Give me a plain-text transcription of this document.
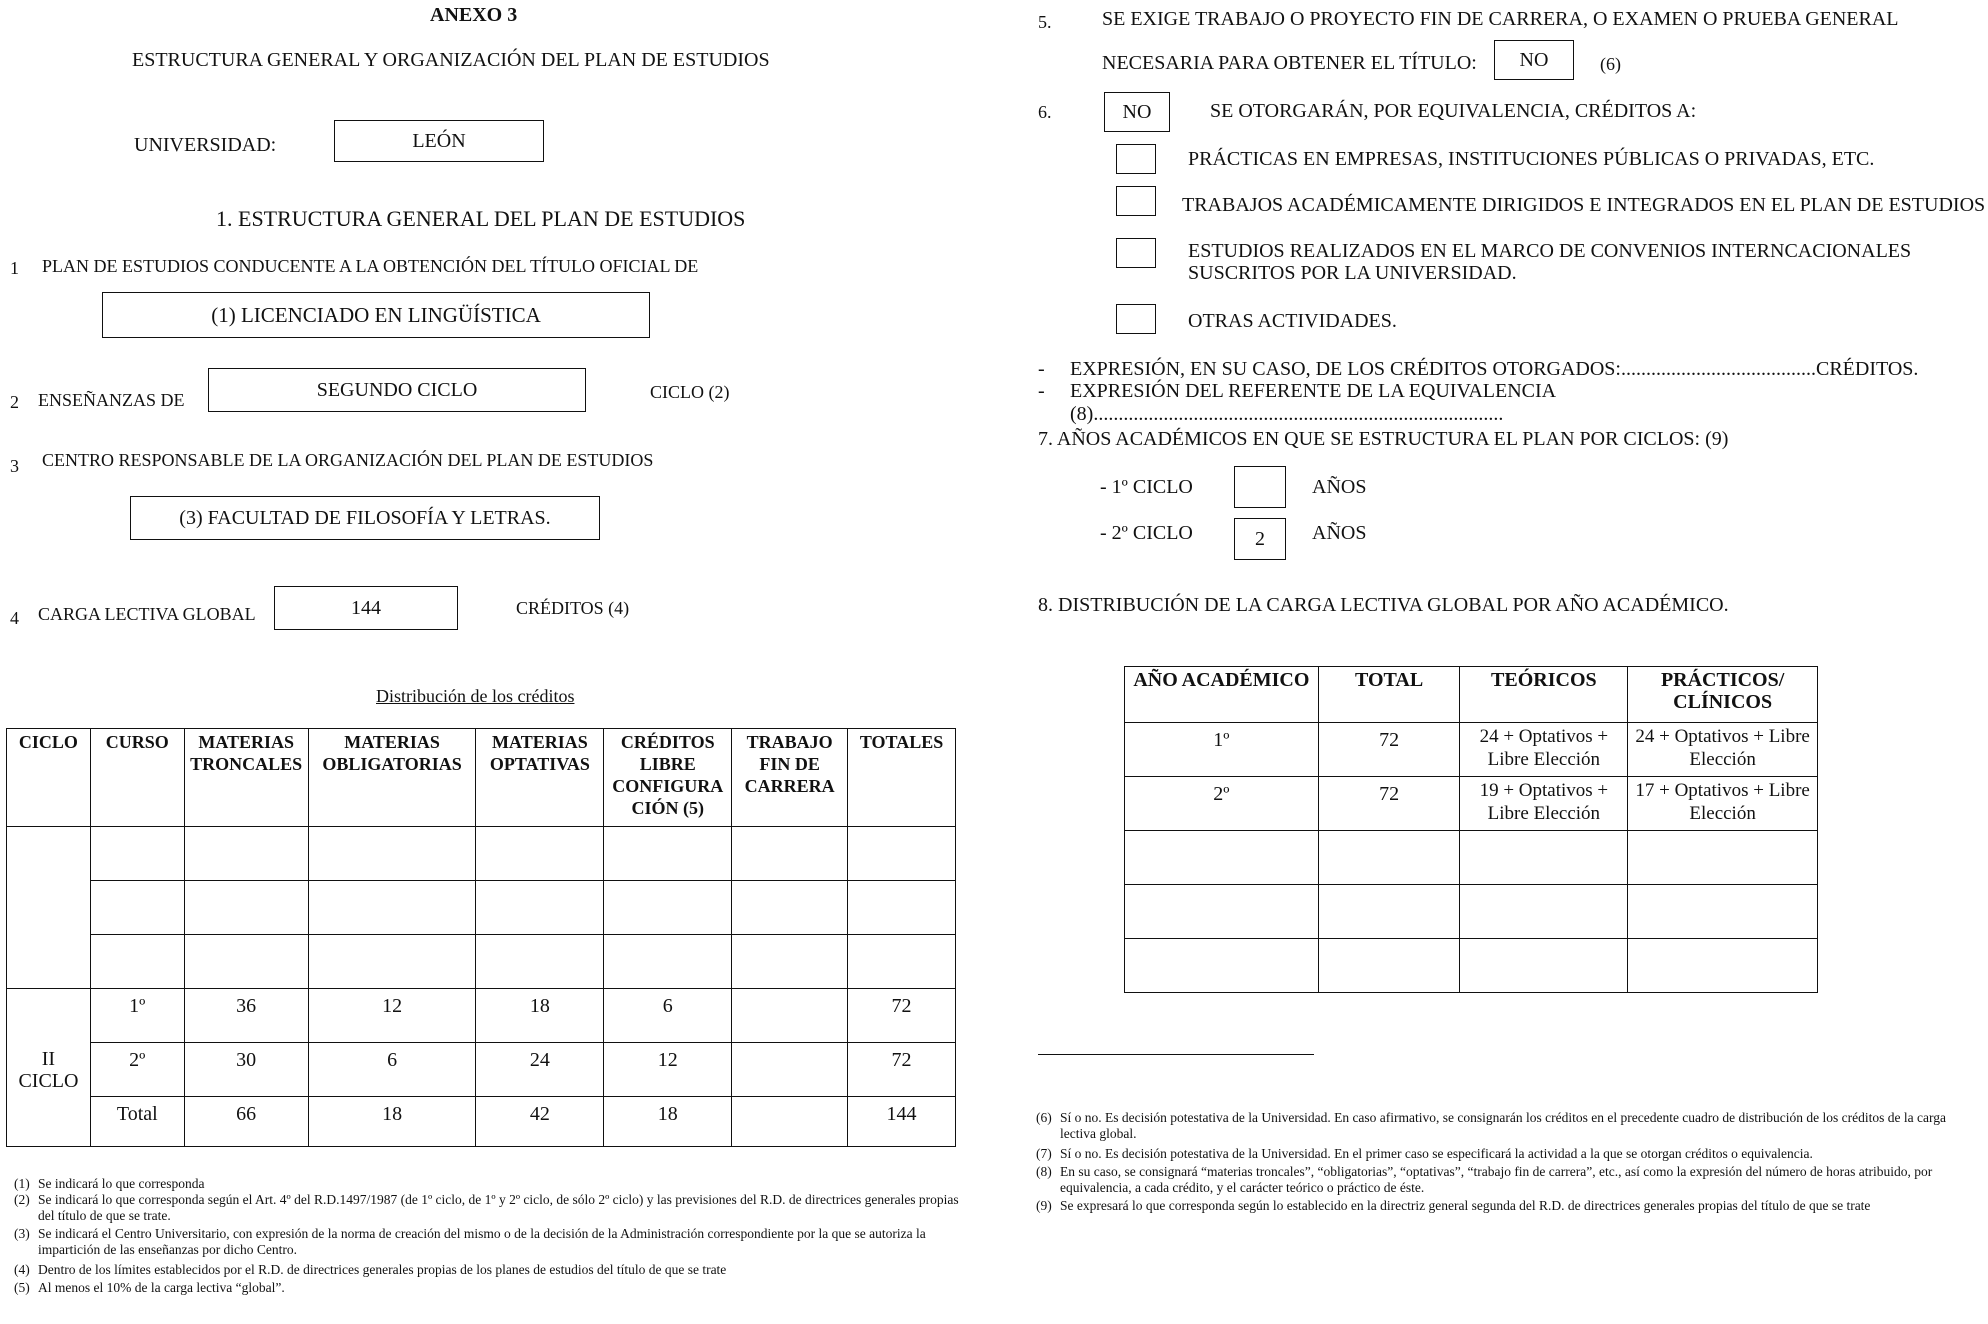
ANEXO 3
ESTRUCTURA GENERAL Y ORGANIZACIÓN DEL PLAN DE ESTUDIOS
UNIVERSIDAD:	LEÓN
1. ESTRUCTURA GENERAL DEL PLAN DE ESTUDIOS
1 PLAN DE ESTUDIOS CONDUCENTE A LA OBTENCIÓN DEL TÍTULO OFICIAL DE
(1) LICENCIADO EN LINGÜÍSTICA
2 ENSEÑANZAS DE	SEGUNDO CICLO	CICLO (2)
3 CENTRO RESPONSABLE DE LA ORGANIZACIÓN DEL PLAN DE ESTUDIOS
(3) FACULTAD DE FILOSOFÍA Y LETRAS.
4 CARGA LECTIVA GLOBAL	144	CRÉDITOS (4)
Distribución de los créditos
CICLO	CURSO	MATERIAS TRONCALES	MATERIAS OBLIGATORIAS	MATERIAS OPTATIVAS	CRÉDITOS LIBRE CONFIGURA CIÓN (5)	TRABAJO FIN DE CARRERA	TOTALES

II CICLO	1º	36	12	18	6		72
	2º	30	6	24	12		72
	Total	66	18	42	18		144
(1) Se indicará lo que corresponda
(2) Se indicará lo que corresponda según el Art. 4º del R.D.1497/1987 (de 1º ciclo, de 1º y 2º ciclo, de sólo 2º ciclo) y las previsiones del R.D. de directrices generales propias del título de que se trate.
(3) Se indicará el Centro Universitario, con expresión de la norma de creación del mismo o de la decisión de la Administración correspondiente por la que se autoriza la impartición de las enseñanzas por dicho Centro.
(4) Dentro de los límites establecidos por el R.D. de directrices generales propias de los planes de estudios del título de que se trate
(5) Al menos el 10% de la carga lectiva “global”.
5.	SE EXIGE TRABAJO O PROYECTO FIN DE CARRERA, O EXAMEN O PRUEBA GENERAL
NECESARIA PARA OBTENER EL TÍTULO:	NO	(6)
6.	NO	SE OTORGARÁN, POR EQUIVALENCIA, CRÉDITOS A:
PRÁCTICAS EN EMPRESAS, INSTITUCIONES PÚBLICAS O PRIVADAS, ETC.
TRABAJOS ACADÉMICAMENTE DIRIGIDOS E INTEGRADOS EN EL PLAN DE ESTUDIOS
ESTUDIOS REALIZADOS EN EL MARCO DE CONVENIOS INTERNCACIONALES
SUSCRITOS POR LA UNIVERSIDAD.
OTRAS ACTIVIDADES.
- EXPRESIÓN, EN SU CASO, DE LOS CRÉDITOS OTORGADOS:.......................................CRÉDITOS.
- EXPRESIÓN DEL REFERENTE DE LA EQUIVALENCIA (8)..................................................................................
7. AÑOS ACADÉMICOS EN QUE SE ESTRUCTURA EL PLAN POR CICLOS: (9)
- 1º CICLO	AÑOS
- 2º CICLO	2	AÑOS
8. DISTRIBUCIÓN DE LA CARGA LECTIVA GLOBAL POR AÑO ACADÉMICO.
AÑO ACADÉMICO	TOTAL	TEÓRICOS	PRÁCTICOS/ CLÍNICOS
1º	72	24 + Optativos + Libre Elección	24 + Optativos + Libre Elección
2º	72	19 + Optativos + Libre Elección	17 + Optativos + Libre Elección

(6) Sí o no. Es decisión potestativa de la Universidad. En caso afirmativo, se consignarán los créditos en el precedente cuadro de distribución de los créditos de la carga lectiva global.
(7) Sí o no. Es decisión potestativa de la Universidad. En el primer caso se especificará la actividad a la que se otorgan créditos o equivalencia.
(8) En su caso, se consignará “materias troncales”, “obligatorias”, “optativas”, “trabajo fin de carrera”, etc., así como la expresión del número de horas atribuido, por equivalencia, a cada crédito, y el carácter teórico o práctico de éste.
(9) Se expresará lo que corresponda según lo establecido en la directriz general segunda del R.D. de directrices generales propias del título de que se trate
